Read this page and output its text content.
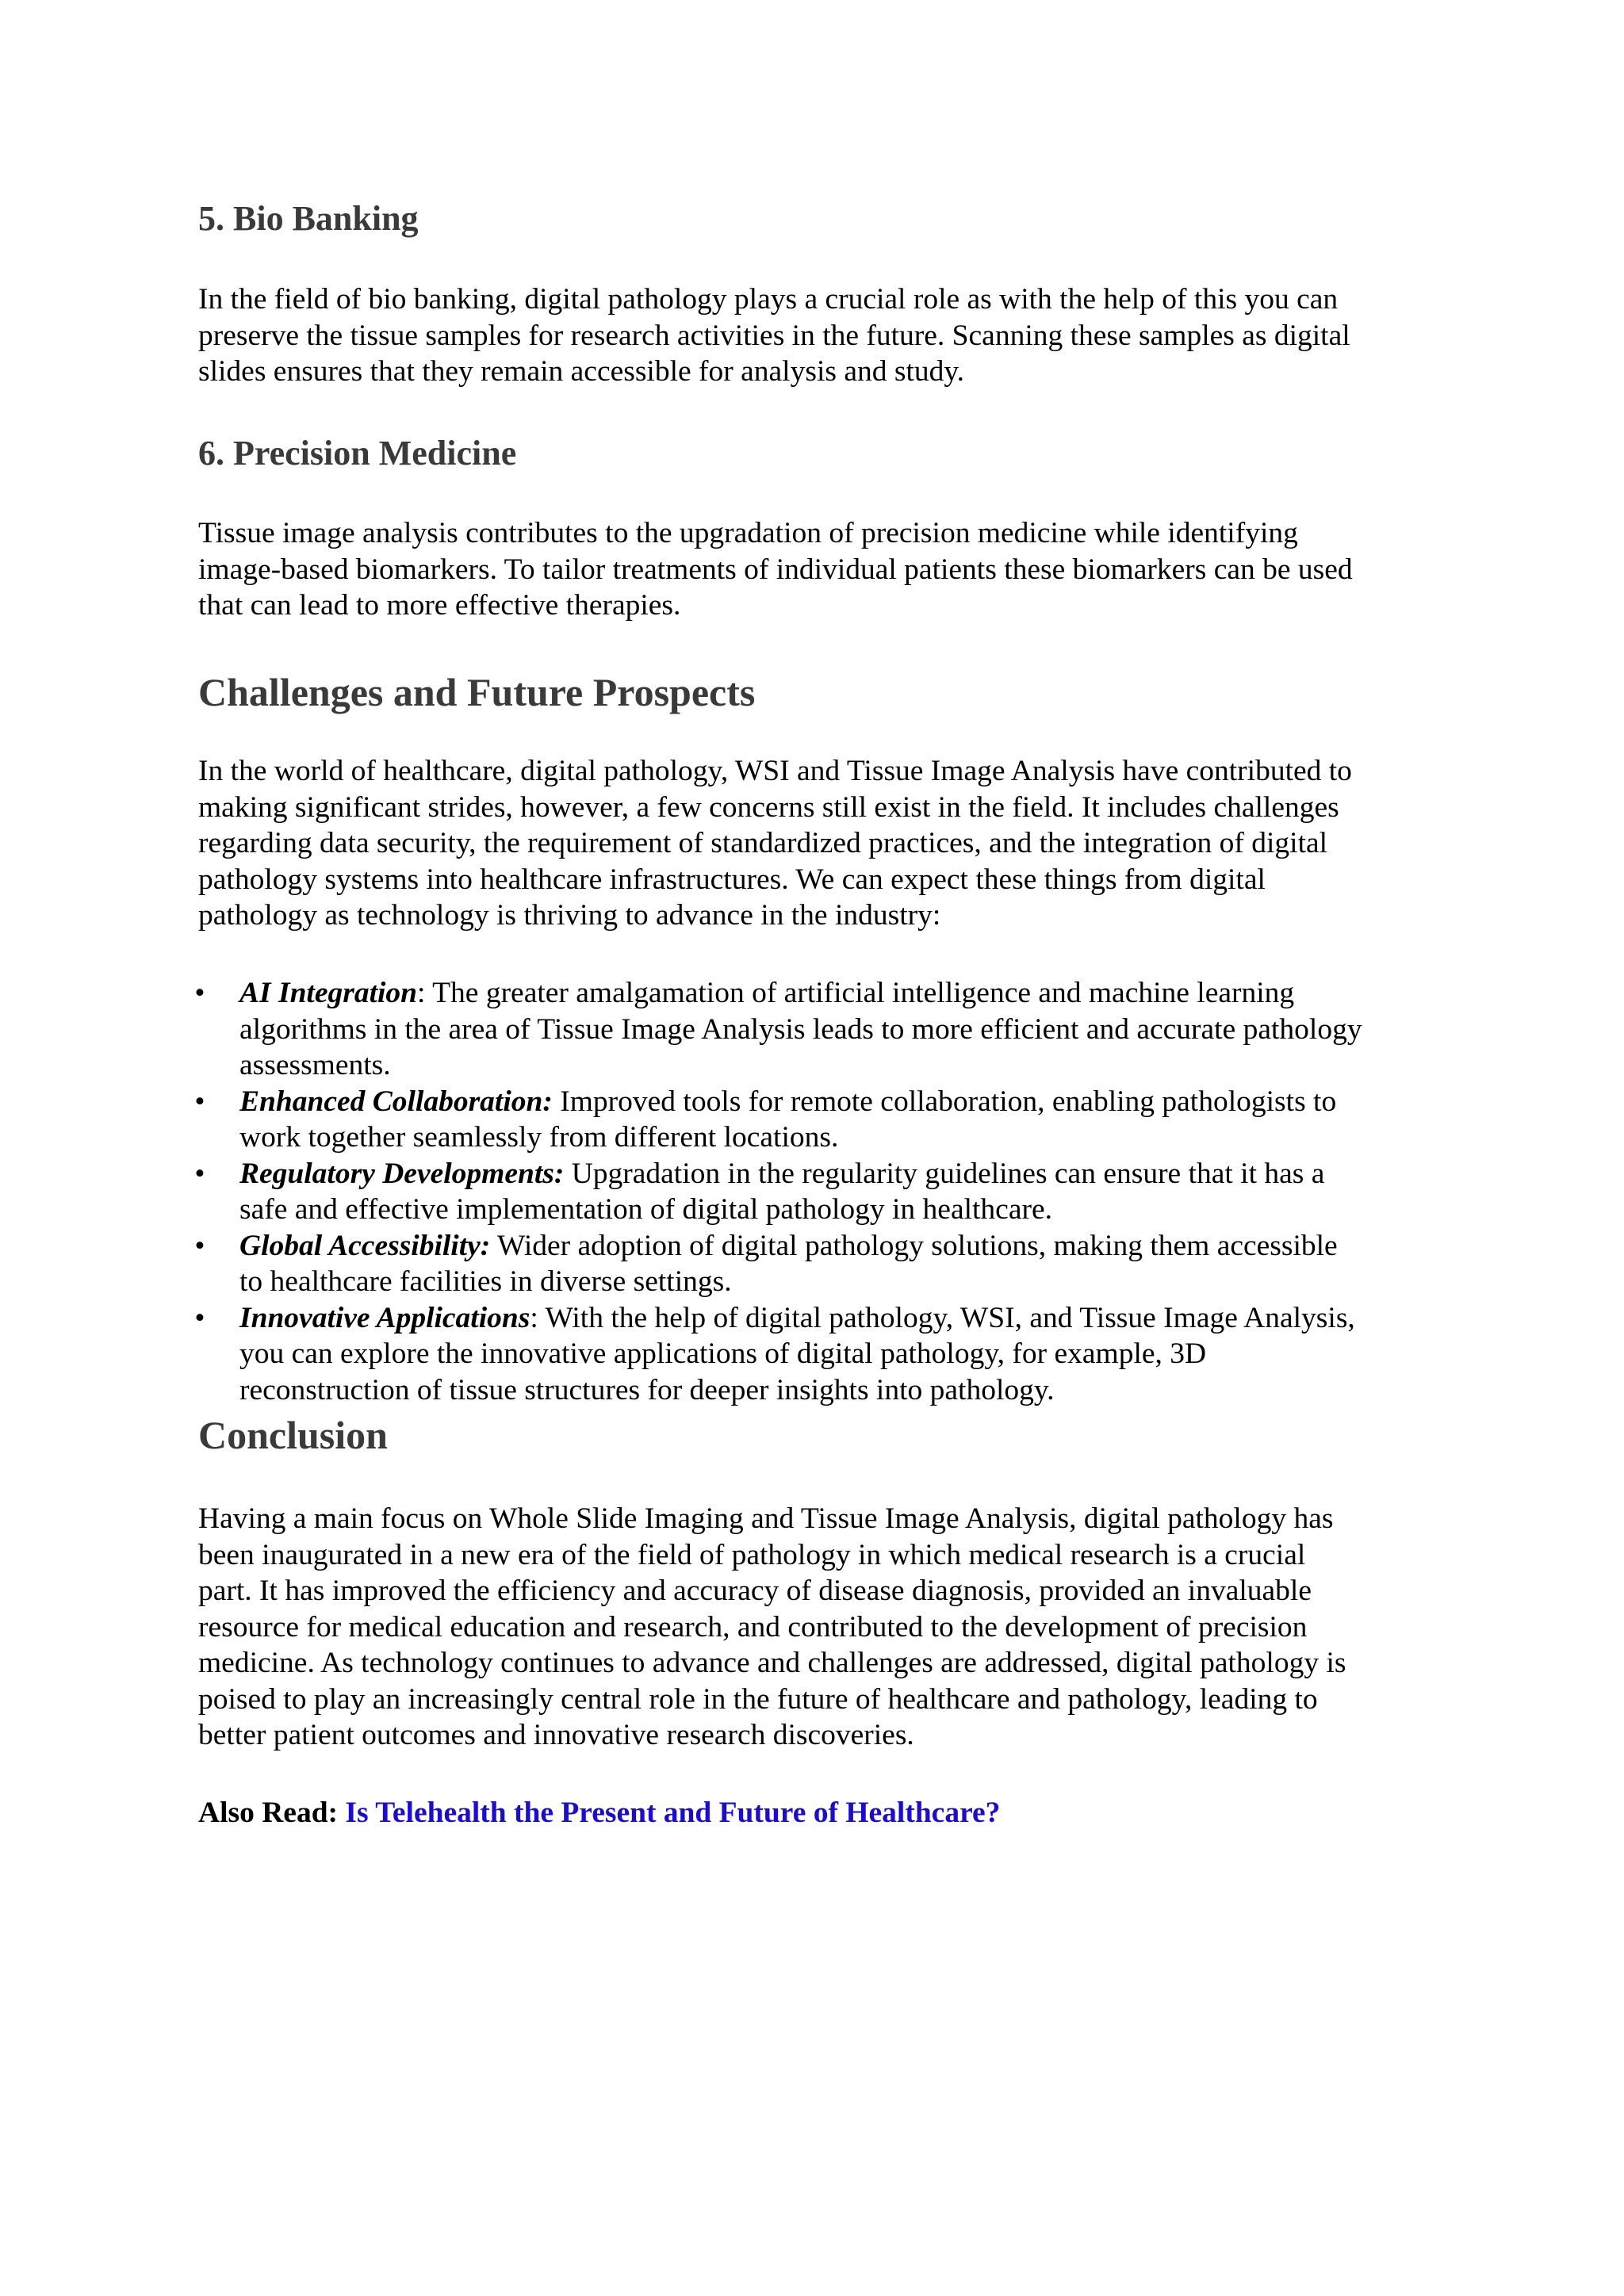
5. Bio Banking

In the field of bio banking, digital pathology plays a crucial role as with the help of this you can
preserve the tissue samples for research activities in the future. Scanning these samples as digital
slides ensures that they remain accessible for analysis and study.

6. Precision Medicine

Tissue image analysis contributes to the upgradation of precision medicine while identifying
image-based biomarkers. To tailor treatments of individual patients these biomarkers can be used
that can lead to more effective therapies.

Challenges and Future Prospects

In the world of healthcare, digital pathology, WSI and Tissue Image Analysis have contributed to
making significant strides, however, a few concerns still exist in the field. It includes challenges
regarding data security, the requirement of standardized practices, and the integration of digital
pathology systems into healthcare infrastructures. We can expect these things from digital
pathology as technology is thriving to advance in the industry:

• AI Integration: The greater amalgamation of artificial intelligence and machine learning
algorithms in the area of Tissue Image Analysis leads to more efficient and accurate pathology
assessments.
• Enhanced Collaboration: Improved tools for remote collaboration, enabling pathologists to
work together seamlessly from different locations.
• Regulatory Developments: Upgradation in the regularity guidelines can ensure that it has a
safe and effective implementation of digital pathology in healthcare.
• Global Accessibility: Wider adoption of digital pathology solutions, making them accessible
to healthcare facilities in diverse settings.
• Innovative Applications: With the help of digital pathology, WSI, and Tissue Image Analysis,
you can explore the innovative applications of digital pathology, for example, 3D
reconstruction of tissue structures for deeper insights into pathology.
Conclusion

Having a main focus on Whole Slide Imaging and Tissue Image Analysis, digital pathology has
been inaugurated in a new era of the field of pathology in which medical research is a crucial
part. It has improved the efficiency and accuracy of disease diagnosis, provided an invaluable
resource for medical education and research, and contributed to the development of precision
medicine. As technology continues to advance and challenges are addressed, digital pathology is
poised to play an increasingly central role in the future of healthcare and pathology, leading to
better patient outcomes and innovative research discoveries.

Also Read: Is Telehealth the Present and Future of Healthcare?
